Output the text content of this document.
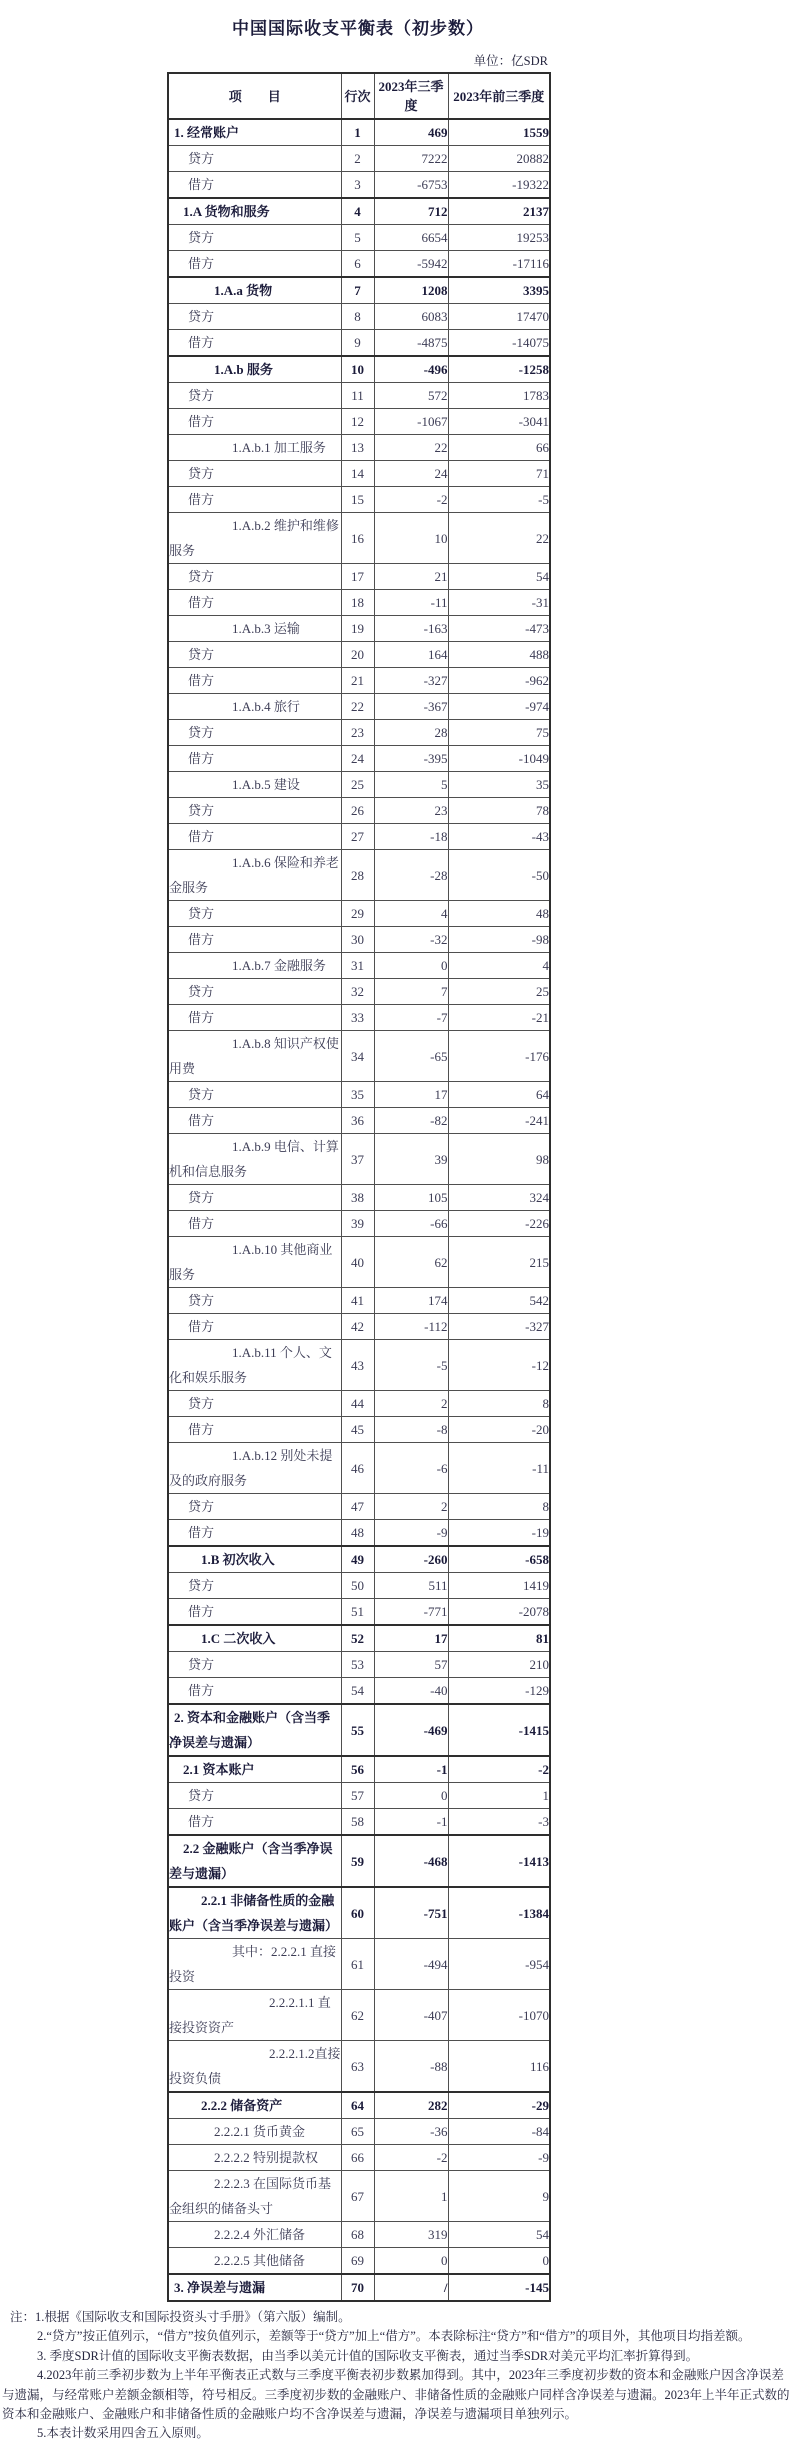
中国国际收支平衡表（初步数）
单位：亿SDR
项　　目	行次	2023年三季度	2023年前三季度
1. 经常账户	1	469	1559
贷方	2	7222	20882
借方	3	-6753	-19322
1.A 货物和服务	4	712	2137
贷方	5	6654	19253
借方	6	-5942	-17116
1.A.a 货物	7	1208	3395
贷方	8	6083	17470
借方	9	-4875	-14075
1.A.b 服务	10	-496	-1258
贷方	11	572	1783
借方	12	-1067	-3041
1.A.b.1 加工服务	13	22	66
贷方	14	24	71
借方	15	-2	-5
1.A.b.2 维护和维修服务	16	10	22
贷方	17	21	54
借方	18	-11	-31
1.A.b.3 运输	19	-163	-473
贷方	20	164	488
借方	21	-327	-962
1.A.b.4 旅行	22	-367	-974
贷方	23	28	75
借方	24	-395	-1049
1.A.b.5 建设	25	5	35
贷方	26	23	78
借方	27	-18	-43
1.A.b.6 保险和养老金服务	28	-28	-50
贷方	29	4	48
借方	30	-32	-98
1.A.b.7 金融服务	31	0	4
贷方	32	7	25
借方	33	-7	-21
1.A.b.8 知识产权使用费	34	-65	-176
贷方	35	17	64
借方	36	-82	-241
1.A.b.9 电信、计算机和信息服务	37	39	98
贷方	38	105	324
借方	39	-66	-226
1.A.b.10 其他商业服务	40	62	215
贷方	41	174	542
借方	42	-112	-327
1.A.b.11 个人、文化和娱乐服务	43	-5	-12
贷方	44	2	8
借方	45	-8	-20
1.A.b.12 别处未提及的政府服务	46	-6	-11
贷方	47	2	8
借方	48	-9	-19
1.B 初次收入	49	-260	-658
贷方	50	511	1419
借方	51	-771	-2078
1.C 二次收入	52	17	81
贷方	53	57	210
借方	54	-40	-129
2. 资本和金融账户（含当季净误差与遗漏）	55	-469	-1415
2.1 资本账户	56	-1	-2
贷方	57	0	1
借方	58	-1	-3
2.2 金融账户（含当季净误差与遗漏）	59	-468	-1413
2.2.1 非储备性质的金融账户（含当季净误差与遗漏）	60	-751	-1384
其中：2.2.2.1 直接投资	61	-494	-954
2.2.2.1.1 直接投资资产	62	-407	-1070
2.2.2.1.2直接投资负债	63	-88	116
2.2.2 储备资产	64	282	-29
2.2.2.1 货币黄金	65	-36	-84
2.2.2.2 特别提款权	66	-2	-9
2.2.2.3 在国际货币基金组织的储备头寸	67	1	9
2.2.2.4 外汇储备	68	319	54
2.2.2.5 其他储备	69	0	0
3. 净误差与遗漏	70	/	-145

注：1.根据《国际收支和国际投资头寸手册》（第六版）编制。

2.“贷方”按正值列示，“借方”按负值列示，差额等于“贷方”加上“借方”。本表除标注“贷方”和“借方”的项目外，其他项目均指差额。

3. 季度SDR计值的国际收支平衡表数据，由当季以美元计值的国际收支平衡表，通过当季SDR对美元平均汇率折算得到。

4.2023年前三季初步数为上半年平衡表正式数与三季度平衡表初步数累加得到。其中，2023年三季度初步数的资本和金融账户因含净误差与遗漏，与经常账户差额金额相等，符号相反。三季度初步数的金融账户、非储备性质的金融账户同样含净误差与遗漏。2023年上半年正式数的资本和金融账户、金融账户和非储备性质的金融账户均不含净误差与遗漏，净误差与遗漏项目单独列示。

5.本表计数采用四舍五入原则。
